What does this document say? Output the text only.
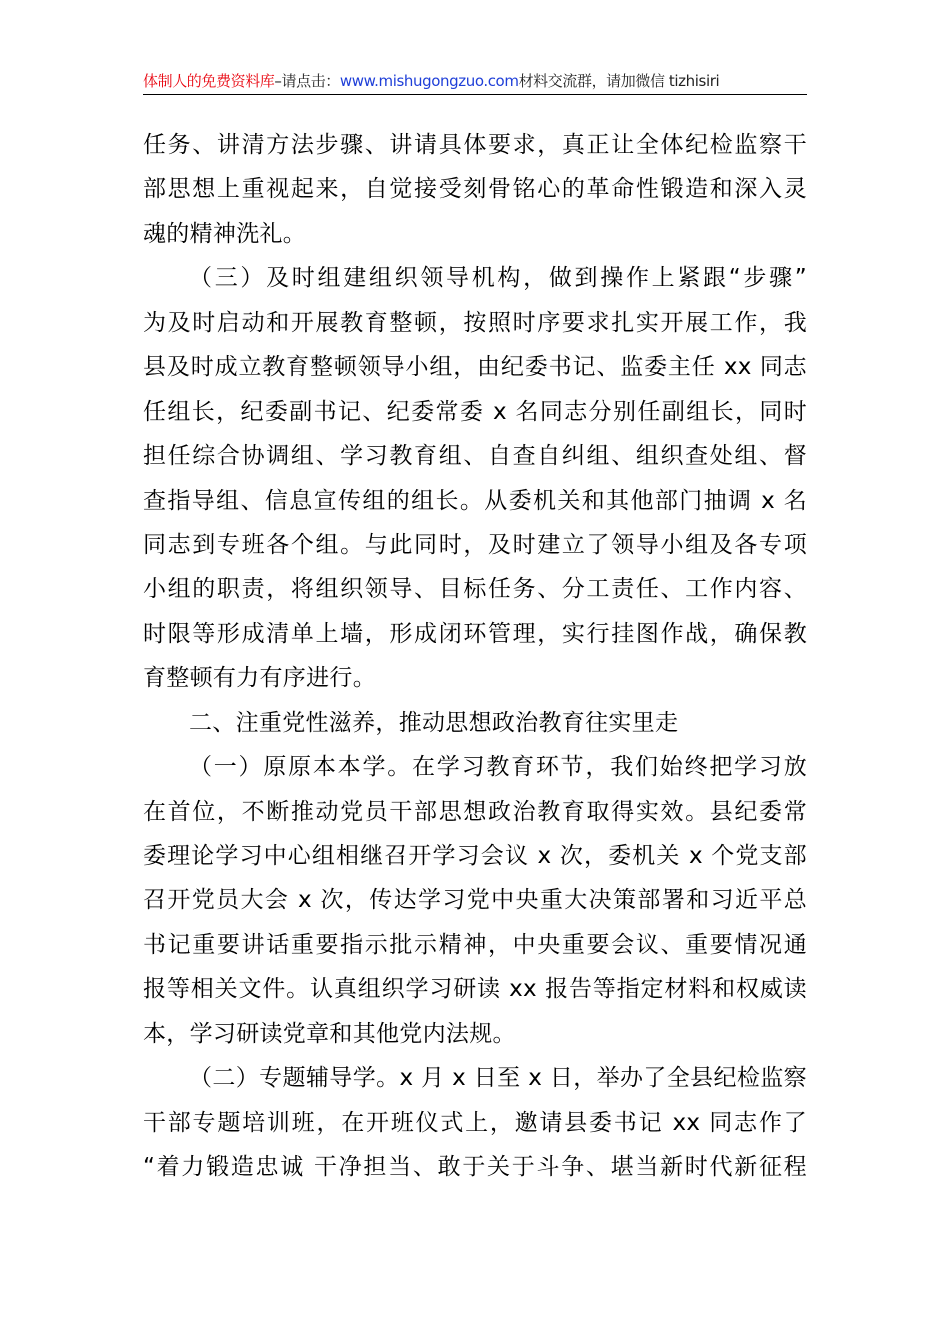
体制人的免费资料库–请点击：www.mishugongzuo.com材料交流群，请加微信 tizhisiri
任务、讲清方法步骤、讲请具体要求，真正让全体纪检监察干
部思想上重视起来，自觉接受刻骨铭心的革命性锻造和深入灵
魂的精神洗礼。
（三）及时组建组织领导机构，做到操作上紧跟“步骤”
为及时启动和开展教育整顿，按照时序要求扎实开展工作，我
县及时成立教育整顿领导小组，由纪委书记、监委主任 xx 同志
任组长，纪委副书记、纪委常委 x 名同志分别任副组长，同时
担任综合协调组、学习教育组、自查自纠组、组织查处组、督
查指导组、信息宣传组的组长。从委机关和其他部门抽调 x 名
同志到专班各个组。与此同时，及时建立了领导小组及各专项
小组的职责，将组织领导、目标任务、分工责任、工作内容、
时限等形成清单上墙，形成闭环管理，实行挂图作战，确保教
育整顿有力有序进行。
二、注重党性滋养，推动思想政治教育往实里走
（一）原原本本学。在学习教育环节，我们始终把学习放
在首位，不断推动党员干部思想政治教育取得实效。县纪委常
委理论学习中心组相继召开学习会议 x 次，委机关 x 个党支部
召开党员大会 x 次，传达学习党中央重大决策部署和习近平总
书记重要讲话重要指示批示精神，中央重要会议、重要情况通
报等相关文件。认真组织学习研读 xx 报告等指定材料和权威读
本，学习研读党章和其他党内法规。
（二）专题辅导学。x 月 x 日至 x 日，举办了全县纪检监察
干部专题培训班，在开班仪式上，邀请县委书记 xx 同志作了
“着力锻造忠诚 干净担当、敢于关于斗争、堪当新时代新征程
